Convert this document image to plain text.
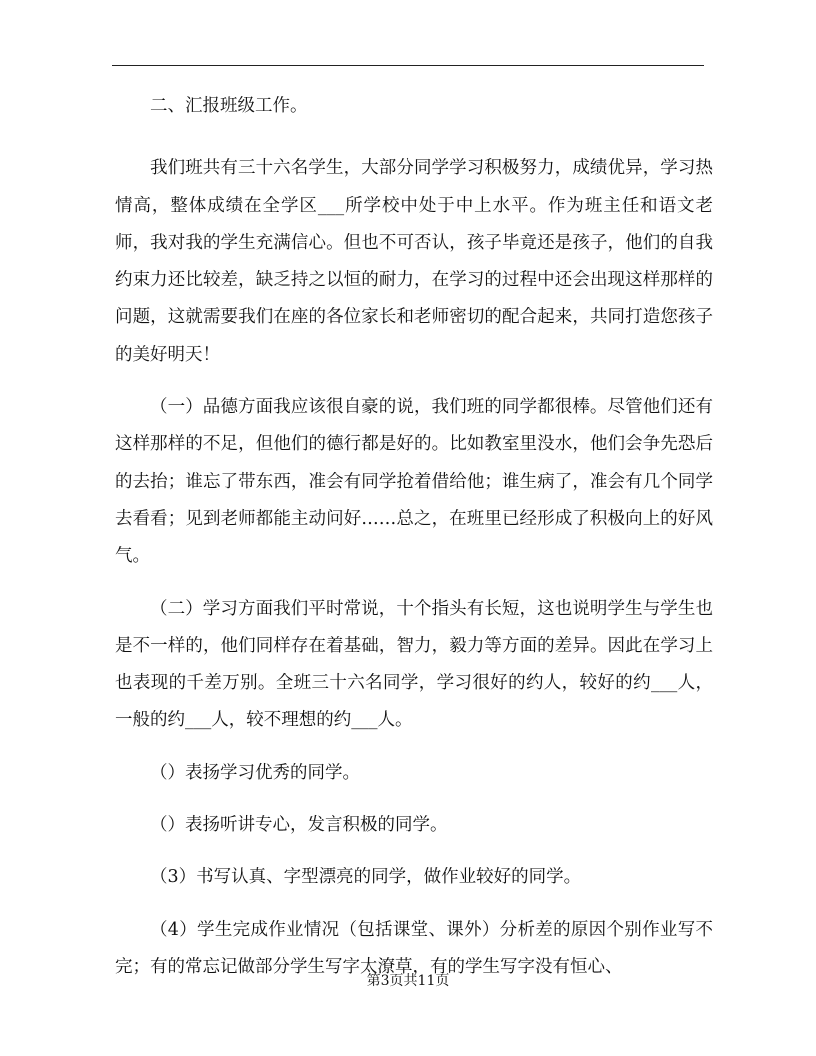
二、汇报班级工作。

我们班共有三十六名学生，大部分同学学习积极努力，成绩优异，学习热情高，整体成绩在全学区___所学校中处于中上水平。作为班主任和语文老师，我对我的学生充满信心。但也不可否认，孩子毕竟还是孩子，他们的自我约束力还比较差，缺乏持之以恒的耐力，在学习的过程中还会出现这样那样的问题，这就需要我们在座的各位家长和老师密切的配合起来，共同打造您孩子的美好明天！

（一）品德方面我应该很自豪的说，我们班的同学都很棒。尽管他们还有这样那样的不足，但他们的德行都是好的。比如教室里没水，他们会争先恐后的去抬；谁忘了带东西，准会有同学抢着借给他；谁生病了，准会有几个同学去看看；见到老师都能主动问好……总之，在班里已经形成了积极向上的好风气。

（二）学习方面我们平时常说，十个指头有长短，这也说明学生与学生也是不一样的，他们同样存在着基础，智力，毅力等方面的差异。因此在学习上也表现的千差万别。全班三十六名同学，学习很好的约人，较好的约___人，一般的约___人，较不理想的约___人。

（）表扬学习优秀的同学。

（）表扬听讲专心，发言积极的同学。

（3）书写认真、字型漂亮的同学，做作业较好的同学。

（4）学生完成作业情况（包括课堂、课外）分析差的原因个别作业写不完；有的常忘记做部分学生写字太潦草，有的学生写字没有恒心、

第3页共11页
